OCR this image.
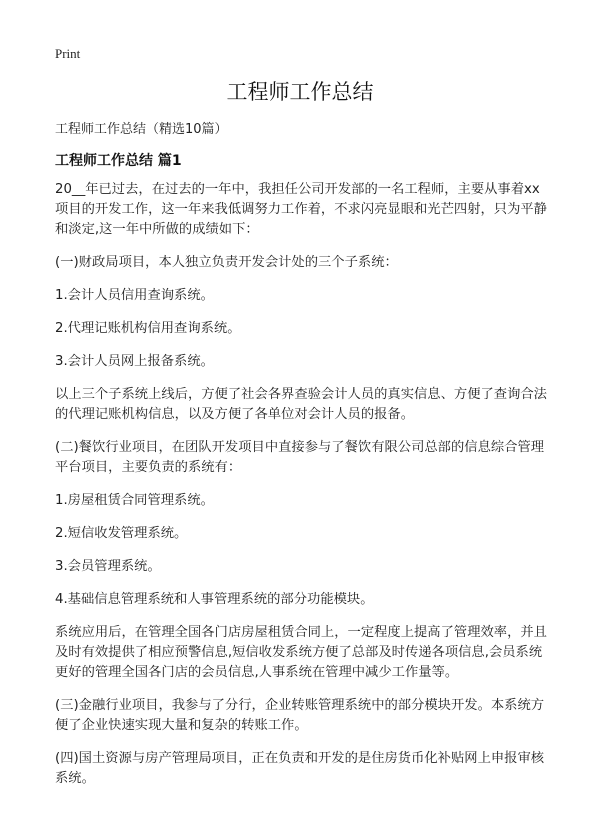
Print
工程师工作总结
工程师工作总结（精选10篇）
工程师工作总结 篇1

20__年已过去，在过去的一年中，我担任公司开发部的一名工程师，主要从事着xx项目的开发工作，这一年来我低调努力工作着，不求闪亮显眼和光芒四射，只为平静和淡定,这一年中所做的成绩如下：

(一)财政局项目，本人独立负责开发会计处的三个子系统：

1.会计人员信用查询系统。

2.代理记账机构信用查询系统。

3.会计人员网上报备系统。

以上三个子系统上线后，方便了社会各界查验会计人员的真实信息、方便了查询合法的代理记账机构信息，以及方便了各单位对会计人员的报备。

(二)餐饮行业项目，在团队开发项目中直接参与了餐饮有限公司总部的信息综合管理平台项目，主要负责的系统有：

1.房屋租赁合同管理系统。

2.短信收发管理系统。

3.会员管理系统。

4.基础信息管理系统和人事管理系统的部分功能模块。

系统应用后，在管理全国各门店房屋租赁合同上，一定程度上提高了管理效率，并且及时有效提供了相应预警信息,短信收发系统方便了总部及时传递各项信息,会员系统更好的管理全国各门店的会员信息,人事系统在管理中减少工作量等。

(三)金融行业项目，我参与了分行，企业转账管理系统中的部分模块开发。本系统方便了企业快速实现大量和复杂的转账工作。

(四)国土资源与房产管理局项目，正在负责和开发的是住房货币化补贴网上申报审核系统。
